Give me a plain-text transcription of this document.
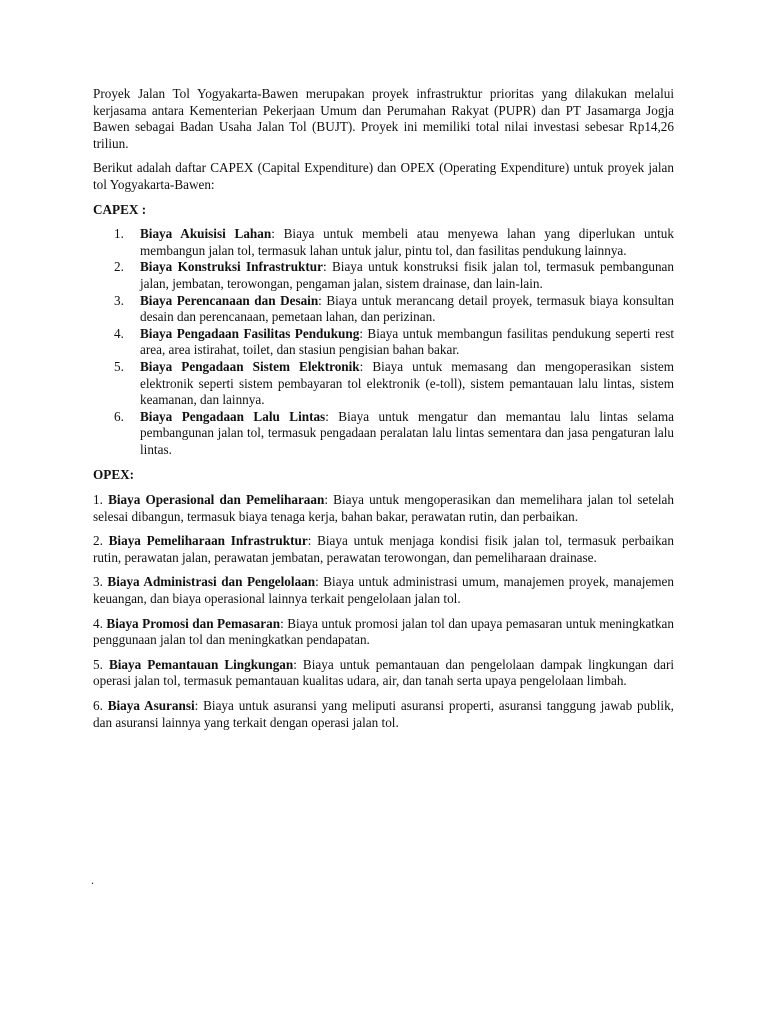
Proyek Jalan Tol Yogyakarta-Bawen merupakan proyek infrastruktur prioritas yang dilakukan melalui kerjasama antara Kementerian Pekerjaan Umum dan Perumahan Rakyat (PUPR) dan PT Jasamarga Jogja Bawen sebagai Badan Usaha Jalan Tol (BUJT). Proyek ini memiliki total nilai investasi sebesar Rp14,26 triliun.

Berikut adalah daftar CAPEX (Capital Expenditure) dan OPEX (Operating Expenditure) untuk proyek jalan tol Yogyakarta-Bawen:

CAPEX :
1. Biaya Akuisisi Lahan: Biaya untuk membeli atau menyewa lahan yang diperlukan untuk membangun jalan tol, termasuk lahan untuk jalur, pintu tol, dan fasilitas pendukung lainnya.
2. Biaya Konstruksi Infrastruktur: Biaya untuk konstruksi fisik jalan tol, termasuk pembangunan jalan, jembatan, terowongan, pengaman jalan, sistem drainase, dan lain-lain.
3. Biaya Perencanaan dan Desain: Biaya untuk merancang detail proyek, termasuk biaya konsultan desain dan perencanaan, pemetaan lahan, dan perizinan.
4. Biaya Pengadaan Fasilitas Pendukung: Biaya untuk membangun fasilitas pendukung seperti rest area, area istirahat, toilet, dan stasiun pengisian bahan bakar.
5. Biaya Pengadaan Sistem Elektronik: Biaya untuk memasang dan mengoperasikan sistem elektronik seperti sistem pembayaran tol elektronik (e-toll), sistem pemantauan lalu lintas, sistem keamanan, dan lainnya.
6. Biaya Pengadaan Lalu Lintas: Biaya untuk mengatur dan memantau lalu lintas selama pembangunan jalan tol, termasuk pengadaan peralatan lalu lintas sementara dan jasa pengaturan lalu lintas.
OPEX:

1. Biaya Operasional dan Pemeliharaan: Biaya untuk mengoperasikan dan memelihara jalan tol setelah selesai dibangun, termasuk biaya tenaga kerja, bahan bakar, perawatan rutin, dan perbaikan.

2. Biaya Pemeliharaan Infrastruktur: Biaya untuk menjaga kondisi fisik jalan tol, termasuk perbaikan rutin, perawatan jalan, perawatan jembatan, perawatan terowongan, dan pemeliharaan drainase.

3. Biaya Administrasi dan Pengelolaan: Biaya untuk administrasi umum, manajemen proyek, manajemen keuangan, dan biaya operasional lainnya terkait pengelolaan jalan tol.

4. Biaya Promosi dan Pemasaran: Biaya untuk promosi jalan tol dan upaya pemasaran untuk meningkatkan penggunaan jalan tol dan meningkatkan pendapatan.

5. Biaya Pemantauan Lingkungan: Biaya untuk pemantauan dan pengelolaan dampak lingkungan dari operasi jalan tol, termasuk pemantauan kualitas udara, air, dan tanah serta upaya pengelolaan limbah.

6. Biaya Asuransi: Biaya untuk asuransi yang meliputi asuransi properti, asuransi tanggung jawab publik, dan asuransi lainnya yang terkait dengan operasi jalan tol.

.
